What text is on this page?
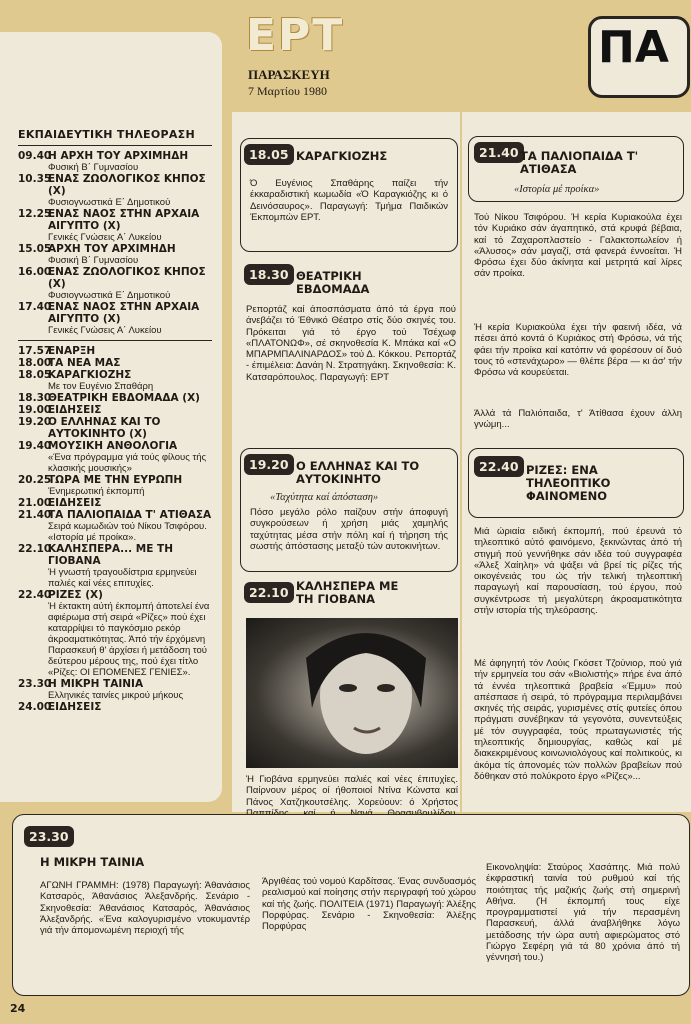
ΕΡΤ
ΠΑΡΑΣΚΕΥΗ
7 Μαρτίου 1980
ΠΑ
ΕΚΠΑΙΔΕΥΤΙΚΗ ΤΗΛΕΟΡΑΣΗ
09.40
Η ΑΡΧΗ ΤΟΥ ΑΡΧΙΜΗΔΗ
Φυσική Β΄ Γυμνασίου
10.35
ΕΝΑΣ ΖΩΟΛΟΓΙΚΟΣ ΚΗΠΟΣ (Χ)
Φυσιογνωστικά Ε΄ Δημοτικού
12.25
ΕΝΑΣ ΝΑΟΣ ΣΤΗΝ ΑΡΧΑΙΑ ΑΙΓΥΠΤΟ (Χ)
Γενικές Γνώσεις Α΄ Λυκείου
15.05
ΑΡΧΗ ΤΟΥ ΑΡΧΙΜΗΔΗ
Φυσική Β΄ Γυμνασίου
16.00
ΕΝΑΣ ΖΩΟΛΟΓΙΚΟΣ ΚΗΠΟΣ (Χ)
Φυσιογνωστικά Ε΄ Δημοτικού
17.40
ΕΝΑΣ ΝΑΟΣ ΣΤΗΝ ΑΡΧΑΙΑ ΑΙΓΥΠΤΟ (Χ)
Γενικές Γνώσεις Α΄ Λυκείου
17.57
ΕΝΑΡΞΗ
18.00
ΤΑ ΝΕΑ ΜΑΣ
18.05
ΚΑΡΑΓΚΙΟΖΗΣ
Με τον Ευγένιο Σπαθάρη
18.30
ΘΕΑΤΡΙΚΗ ΕΒΔΟΜΑΔΑ (Χ)
19.00
ΕΙΔΗΣΕΙΣ
19.20
Ο ΕΛΛΗΝΑΣ ΚΑΙ ΤΟ ΑΥΤΟΚΙΝΗΤΟ (Χ)
19.40
ΜΟΥΣΙΚΗ ΑΝΘΟΛΟΓΙΑ
«Ένα πρόγραμμα γιά τούς φίλους τής κλασικής μουσικής»
20.25
ΤΩΡΑ ΜΕ ΤΗΝ ΕΥΡΩΠΗ
Ένημερωτική έκπομπή
21.00
ΕΙΔΗΣΕΙΣ
21.40
ΤΑ ΠΑΛΙΟΠΑΙΔΑ Τ' ΑΤΙΘΑΣΑ
Σειρά κωμωδιών τού Νίκου Τσιφόρου. «Ιστορία μέ προίκα».
22.10
ΚΑΛΗΣΠΕΡΑ... ΜΕ ΤΗ ΓΙΟΒΑΝΑ
Ή γνωστή τραγουδίστρια ερμηνεύει παλιές καί νέες επιτυχίες.
22.40
ΡΙΖΕΣ (Χ)
Ή έκτακτη αύτή έκπομπή άποτελεί ένα αφιέρωμα στή σειρά «Ρίζες» πού έχει καταρρίψει τό παγκόσμιο ρεκόρ άκροαματικότητας. Άπό τήν έρχόμενη Παρασκευή θ' άρχίσει ή μετάδοση τού δεύτερου μέρους της, πού έχει τίτλο «Ρίζες: ΟΙ ΕΠΟΜΕΝΕΣ ΓΕΝΙΕΣ».
23.30
Η ΜΙΚΡΗ ΤΑΙΝΙΑ
Ελληνικές ταινίες μικρού μήκους
24.00
ΕΙΔΗΣΕΙΣ
18.05 ΚΑΡΑΓΚΙΟΖΗΣ
Ό Ευγένιος Σπαθάρης παίζει τήν έκκαραδιστική κωμωδία «Ό Καραγκιόζης κι ό Δεινόσαυρος». Παραγωγή: Τμήμα Παιδικών Έκπομπών ΕΡΤ.
18.30 ΘΕΑΤΡΙΚΗ ΕΒΔΟΜΑΔΑ
Ρεπορτάζ καί άποσπάσματα άπό τά έργα πού άνεβάζει τό Έθνικό Θέατρο στίς δύο σκηνές του. Πρόκειται γιά τό έργο τού Τσέχωφ «ΠΛΑΤΟΝΩΦ», σέ σκηνοθεσία Κ. Μπάκα καί «Ο ΜΠΑΡΜΠΑΛΙΝΑΡΔΟΣ» τού Δ. Κόκκου. Ρεπορτάζ - έπιμέλεια: Δανάη Ν. Στρατηγάκη. Σκηνοθεσία: Κ. Κατσαρόπουλος. Παραγωγή: ΕΡΤ
19.20 Ο ΕΛΛΗΝΑΣ ΚΑΙ ΤΟ ΑΥΤΟΚΙΝΗΤΟ
«Ταχύτητα καί άπόσταση»
Πόσο μεγάλο ρόλο παίζουν στήν άποφυγή συγκρούσεων ή χρήση μιάς χαμηλής ταχύτητας μέσα στήν πόλη καί ή τήρηση τής σωστής άπόστασης μεταξύ τών αυτοκινήτων.
22.10 ΚΑΛΗΣΠΕΡΑ ΜΕ ΤΗ ΓΙΟΒΑΝΑ
Ή Γιοβάνα ερμηνεύει παλιές καί νέες έπιτυχίες. Παίρνουν μέρος οί ήθοποιοί Ντίνα Κώνστα καί Πάνος Χατζηκουτσέλης. Χορεύουν: ό Χρήστος
21.40 ΤΑ ΠΑΛΙΟΠΑΙΔΑ Τ' ΑΤΙΘΑΣΑ
«Ιστορία μέ προίκα»
Τού Νίκου Τσιφόρου. Ή κερία Κυριακούλα έχει τόν Κυριάκο σάν άγαπητικό, στά κρυφά βέβαια, καί τό Ζαχαροπλαστείο - Γαλακτοπωλείον ή «Άλυσος» σάν μαγαζί, στά φανερά έννοείται. Ή Φρόσω έχει δύο άκίνητα καί μετρητά καί λίρες σάν προίκα.
Ή κερία Κυριακούλα έχει τήν φαεινή ιδέα, νά πέσει άπό κοντά ό Κυριάκος στή Φρόσω, νά τής φάει τήν προίκα καί κατόπιν νά φορέσουν οί δυό τους τό «στενάχωρο» — θλέπε βέρα — κι άσ' τήν Φρόσω νά κουρεύεται.
Άλλά τά Παλιόπαιδα, τ' Άτίθασα έχουν άλλη γνώμη...
22.40 ΡΙΖΕΣ: ΕΝΑ ΤΗΛΕΟΠΤΙΚΟ ΦΑΙΝΟΜΕΝΟ
Μιά ώριαία ειδική έκπομπή, πού έρευνά τό τηλεοπτικό αύτό φαινόμενο, ξεκινώντας άπό τή στιγμή πού γεννήθηκε σάν ιδέα τού συγγραφέα «Άλεξ Χαίηλη» νά ψάξει νά βρεί τίς ρίζες τής οικογένειάς του ώς τήν τελική τηλεοπτική παραγωγή καί παρουσίαση, τού έργου, πού συγκέντρωσε τή μεγαλύτερη άκροαματικότητα στήν ιστορία τής τηλεόρασης.
Μέ άφηγητή τόν Λούις Γκόσετ Τζούνιορ, πού γιά τήν ερμηνεία του σάν «Βιολιστής» πήρε ένα άπό τά έννέα τηλεοπτικά βραβεία «Έμμυ» πού απέσπασε ή σειρά, τό πρόγραμμα περιλαμβάνει σκηνές τής σειράς, γυρισμένες στίς φυτείες όπου πράγματι συνέβηκαν τά γεγονότα, συνεντεύξεις μέ τόν συγγραφέα, τούς πρωταγωνιστές τής τηλεοπτικής δημιουργίας, καθώς καί μέ διακεκριμένους κοινωνιολόγους καί πολιτικούς, κι άκόμα τίς άπονομές τών πολλών βραβείων πού δόθηκαν στό πολύκροτο έργο «Ρίζες»...
23.30
Η ΜΙΚΡΗ ΤΑΙΝΙΑ
ΑΓΩΝΗ ΓΡΑΜΜΗ: (1978) Παραγωγή: Άθανάσιος Κατσαρός, Άθανάσιος Άλεξανδρής. Σενάριο - Σκηνοθεσία: Άθανάσιος Κατσαρός, Άθανάσιος Άλεξανδρής. «Ένα καλογυρισμένο ντοκυμαντέρ γιά τήν άπομονωμένη περιοχή τής
Άργιθέας τού νομού Καρδίτσας. Ένας συνδυασμός ρεαλισμού καί ποίησης στήν περιγραφή τού χώρου καί τής ζωής. ΠΟΛΙΤΕΙΑ (1971) Παραγωγή: Άλέξης Πορφύρας. Σενάριο - Σκηνοθεσία: Άλέξης Πορφύρας
Εικονοληψία: Σταύρος Χασάπης. Μιά πολύ έκφραστική ταινία τού ρυθμού καί τής ποιότητας τής μαζικής ζωής στή σημερινή Αθήνα. (Ή έκπομπή τους είχε προγραμματιστεί γιά τήν περασμένη Παρασκευή, άλλά άναβλήθηκε λόγω μετάδοσης τήν ώρα αυτή αφιερώματος στό Γιώργο Σεφέρη γιά τά 80 χρόνια άπό τή γέννησή του.)
24
